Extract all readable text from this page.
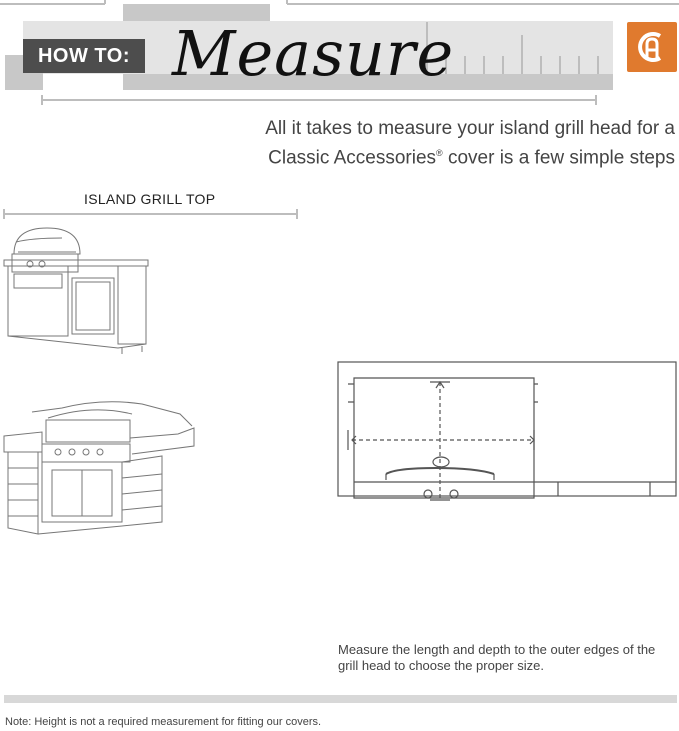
HOW TO: Measure
All it takes to measure your island grill head for a
Classic Accessories® cover is a few simple steps
ISLAND GRILL TOP
Measure the length and depth to the outer edges of the grill head to choose the proper size.
Note: Height is not a required measurement for fitting our covers.
